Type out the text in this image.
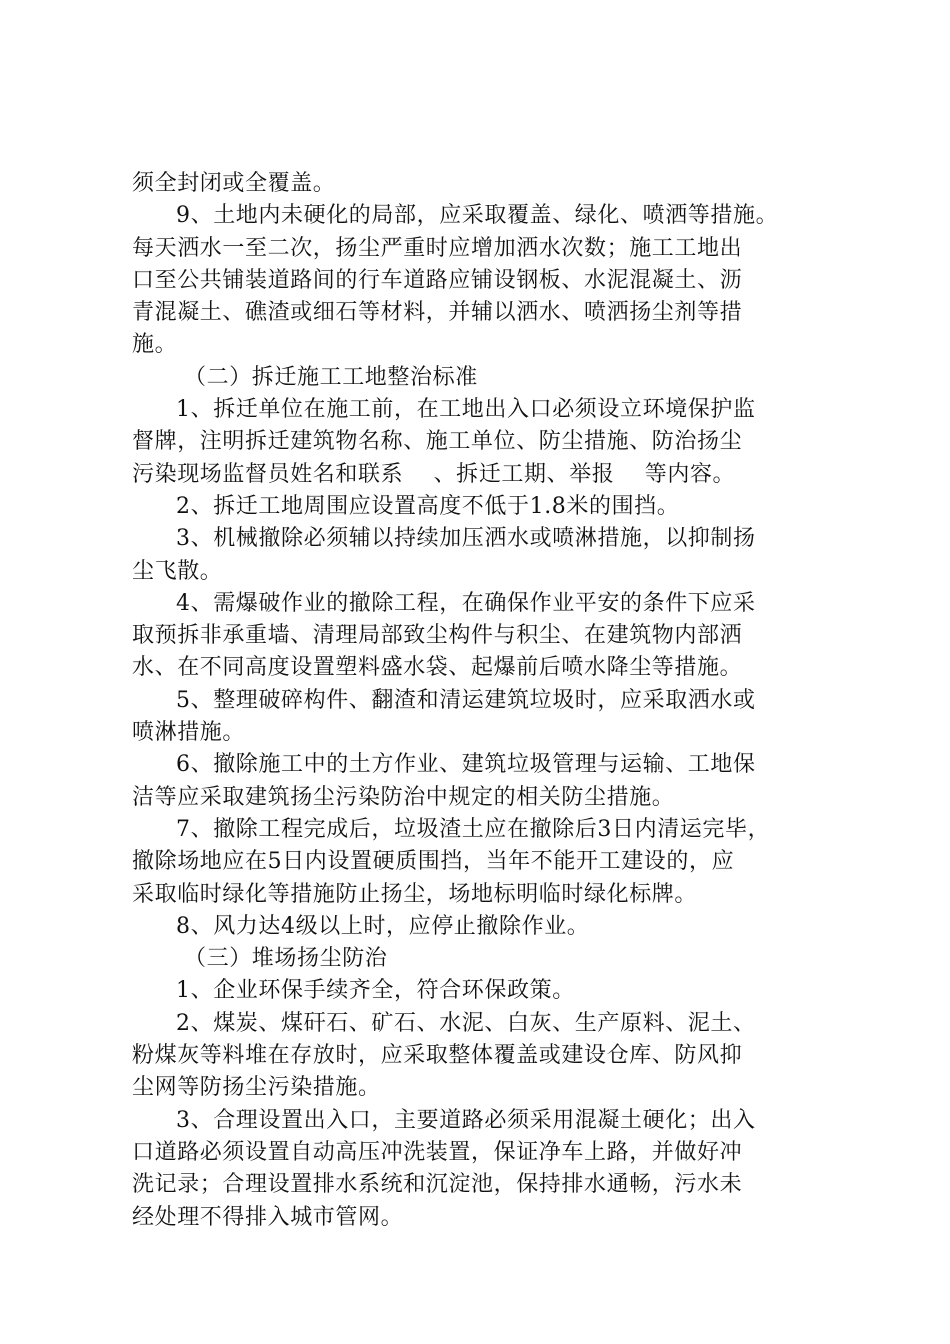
须全封闭或全覆盖。
9、土地内未硬化的局部，应采取覆盖、绿化、喷洒等措施。
每天洒水一至二次，扬尘严重时应增加洒水次数；施工工地出
口至公共铺装道路间的行车道路应铺设钢板、水泥混凝土、沥
青混凝土、礁渣或细石等材料，并辅以洒水、喷洒扬尘剂等措
施。
（二）拆迁施工工地整治标准
1、拆迁单位在施工前，在工地出入口必须设立环境保护监
督牌，注明拆迁建筑物名称、施工单位、防尘措施、防治扬尘
污染现场监督员姓名和联系    、拆迁工期、举报    等内容。
2、拆迁工地周围应设置高度不低于1.8米的围挡。
3、机械撤除必须辅以持续加压洒水或喷淋措施，以抑制扬
尘飞散。
4、需爆破作业的撤除工程，在确保作业平安的条件下应采
取预拆非承重墙、清理局部致尘构件与积尘、在建筑物内部洒
水、在不同高度设置塑料盛水袋、起爆前后喷水降尘等措施。
5、整理破碎构件、翻渣和清运建筑垃圾时，应采取洒水或
喷淋措施。
6、撤除施工中的土方作业、建筑垃圾管理与运输、工地保
洁等应采取建筑扬尘污染防治中规定的相关防尘措施。
7、撤除工程完成后，垃圾渣土应在撤除后3日内清运完毕，
撤除场地应在5日内设置硬质围挡，当年不能开工建设的，应
采取临时绿化等措施防止扬尘，场地标明临时绿化标牌。
8、风力达4级以上时，应停止撤除作业。
（三）堆场扬尘防治
1、企业环保手续齐全，符合环保政策。
2、煤炭、煤矸石、矿石、水泥、白灰、生产原料、泥土、
粉煤灰等料堆在存放时，应采取整体覆盖或建设仓库、防风抑
尘网等防扬尘污染措施。
3、合理设置出入口，主要道路必须采用混凝土硬化；出入
口道路必须设置自动高压冲洗装置，保证净车上路，并做好冲
洗记录；合理设置排水系统和沉淀池，保持排水通畅，污水未
经处理不得排入城市管网。
